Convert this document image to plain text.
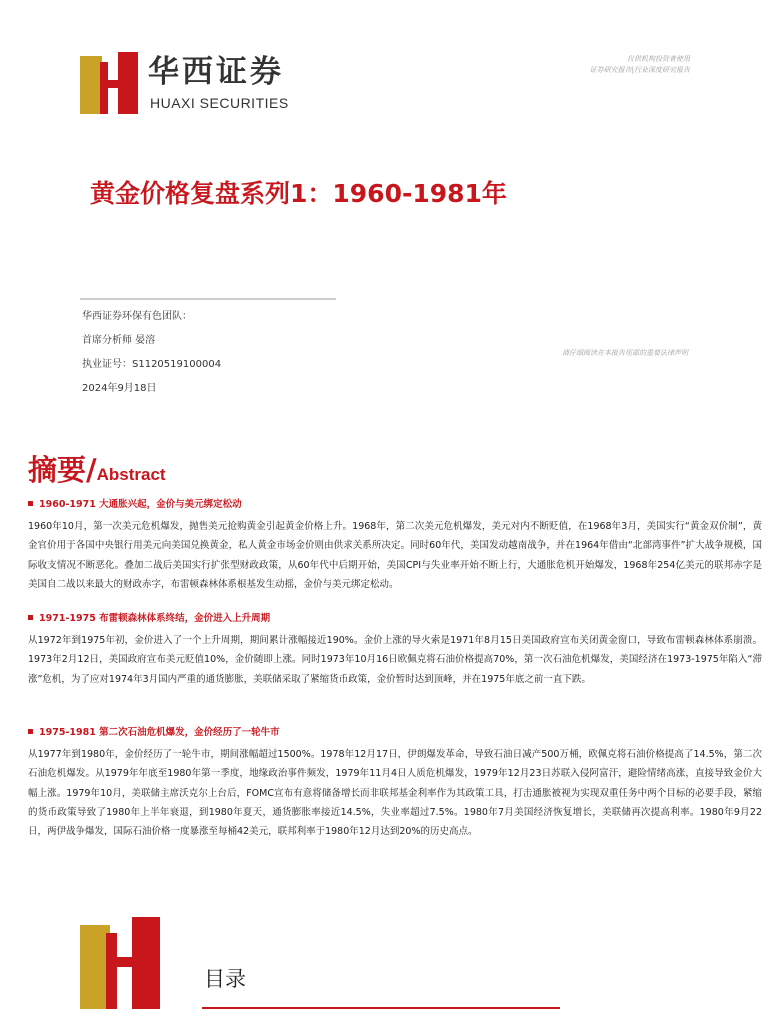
华西证券
HUAXI SECURITIES
仅供机构投资者使用
证券研究报告|行业深度研究报告
黄金价格复盘系列1：1960-1981年
华西证券环保有色团队：
首席分析师 晏溶
执业证号：S1120519100004
2024年9月18日
请仔细阅读在本报告尾部的重要法律声明
摘要/Abstract
1960-1971 大通胀兴起，金价与美元绑定松动
1960年10月，第一次美元危机爆发，抛售美元抢购黄金引起黄金价格上升。1968年，第二次美元危机爆发，美元对内不断贬值，在1968年3月，美国实行“黄金双价制”，黄金官价用于各国中央银行用美元向美国兑换黄金，私人黄金市场金价则由供求关系所决定。同时60年代，美国发动越南战争，并在1964年借由“北部湾事件”扩大战争规模，国际收支情况不断恶化。叠加二战后美国实行扩张型财政政策，从60年代中后期开始，美国CPI与失业率开始不断上行，大通胀危机开始爆发，1968年254亿美元的联邦赤字是美国自二战以来最大的财政赤字，布雷顿森林体系根基发生动摇，金价与美元绑定松动。
1971-1975 布雷顿森林体系终结，金价进入上升周期
从1972年到1975年初，金价进入了一个上升周期，期间累计涨幅接近190%。金价上涨的导火索是1971年8月15日美国政府宣布关闭黄金窗口，导致布雷顿森林体系崩溃。1973年2月12日，美国政府宣布美元贬值10%，金价随即上涨。同时1973年10月16日欧佩克将石油价格提高70%，第一次石油危机爆发，美国经济在1973-1975年陷入“滞涨”危机，为了应对1974年3月国内严重的通货膨胀，美联储采取了紧缩货币政策，金价暂时达到顶峰，并在1975年底之前一直下跌。
1975-1981 第二次石油危机爆发，金价经历了一轮牛市
从1977年到1980年，金价经历了一轮牛市，期间涨幅超过1500%。1978年12月17日，伊朗爆发革命，导致石油日减产500万桶，欧佩克将石油价格提高了14.5%，第二次石油危机爆发。从1979年年底至1980年第一季度，地缘政治事件频发，1979年11月4日人质危机爆发，1979年12月23日苏联入侵阿富汗，避险情绪高涨，直接导致金价大幅上涨。1979年10月，美联储主席沃克尔上台后，FOMC宣布有意将储备增长而非联邦基金利率作为其政策工具，打击通胀被视为实现双重任务中两个目标的必要手段，紧缩的货币政策导致了1980年上半年衰退，到1980年夏天，通货膨胀率接近14.5%，失业率超过7.5%。1980年7月美国经济恢复增长，美联储再次提高利率。1980年9月22日，两伊战争爆发，国际石油价格一度暴涨至每桶42美元，联邦利率于1980年12月达到20%的历史高点。
目录
